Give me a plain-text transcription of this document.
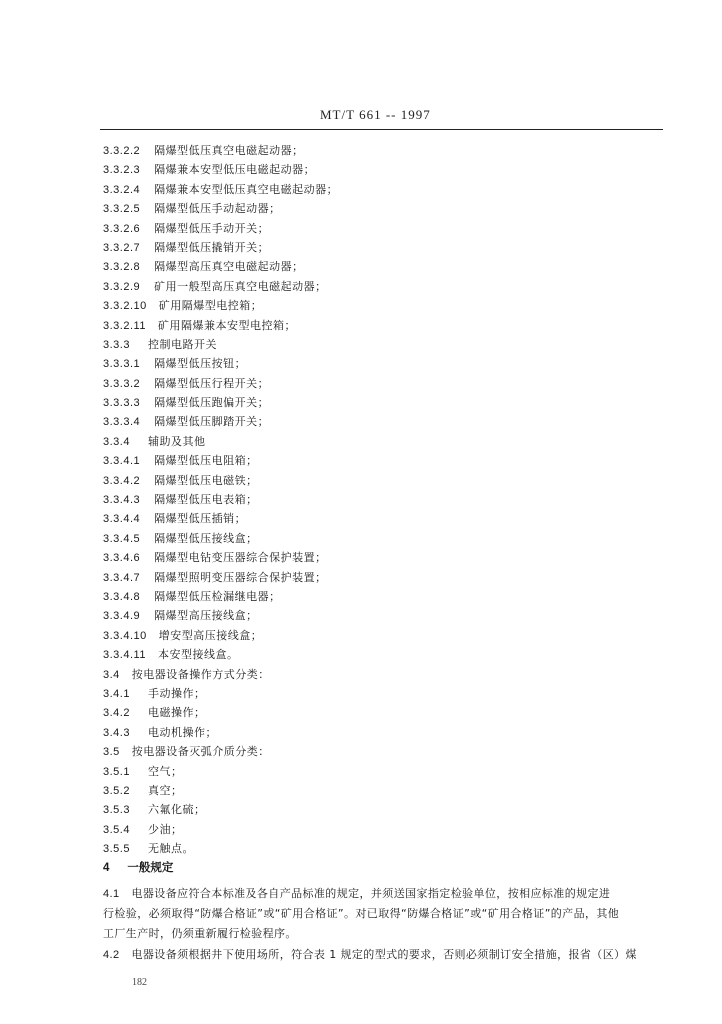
MT/T 661 -- 1997
3.3.2.2 隔爆型低压真空电磁起动器；
3.3.2.3 隔爆兼本安型低压电磁起动器；
3.3.2.4 隔爆兼本安型低压真空电磁起动器；
3.3.2.5 隔爆型低压手动起动器；
3.3.2.6 隔爆型低压手动开关；
3.3.2.7 隔爆型低压撬销开关；
3.3.2.8 隔爆型高压真空电磁起动器；
3.3.2.9 矿用一般型高压真空电磁起动器；
3.3.2.10 矿用隔爆型电控箱；
3.3.2.11 矿用隔爆兼本安型电控箱；
3.3.3 控制电路开关
3.3.3.1 隔爆型低压按钮；
3.3.3.2 隔爆型低压行程开关；
3.3.3.3 隔爆型低压跑偏开关；
3.3.3.4 隔爆型低压脚踏开关；
3.3.4 辅助及其他
3.3.4.1 隔爆型低压电阻箱；
3.3.4.2 隔爆型低压电磁铁；
3.3.4.3 隔爆型低压电表箱；
3.3.4.4 隔爆型低压插销；
3.3.4.5 隔爆型低压接线盒；
3.3.4.6 隔爆型电钻变压器综合保护装置；
3.3.4.7 隔爆型照明变压器综合保护装置；
3.3.4.8 隔爆型低压检漏继电器；
3.3.4.9 隔爆型高压接线盒；
3.3.4.10 增安型高压接线盒；
3.3.4.11 本安型接线盒。
3.4 按电器设备操作方式分类：
3.4.1 手动操作；
3.4.2 电磁操作；
3.4.3 电动机操作；
3.5 按电器设备灭弧介质分类：
3.5.1 空气；
3.5.2 真空；
3.5.3 六氟化硫；
3.5.4 少油；
3.5.5 无触点。
4 一般规定
4.1 电器设备应符合本标准及各自产品标准的规定，并须送国家指定检验单位，按相应标准的规定进
行检验，必须取得“防爆合格证”或“矿用合格证”。对已取得“防爆合格证”或“矿用合格证”的产品，其他
工厂生产时，仍须重新履行检验程序。
4.2 电器设备须根据井下使用场所，符合表 1 规定的型式的要求，否则必须制订安全措施，报省（区）煤
182
